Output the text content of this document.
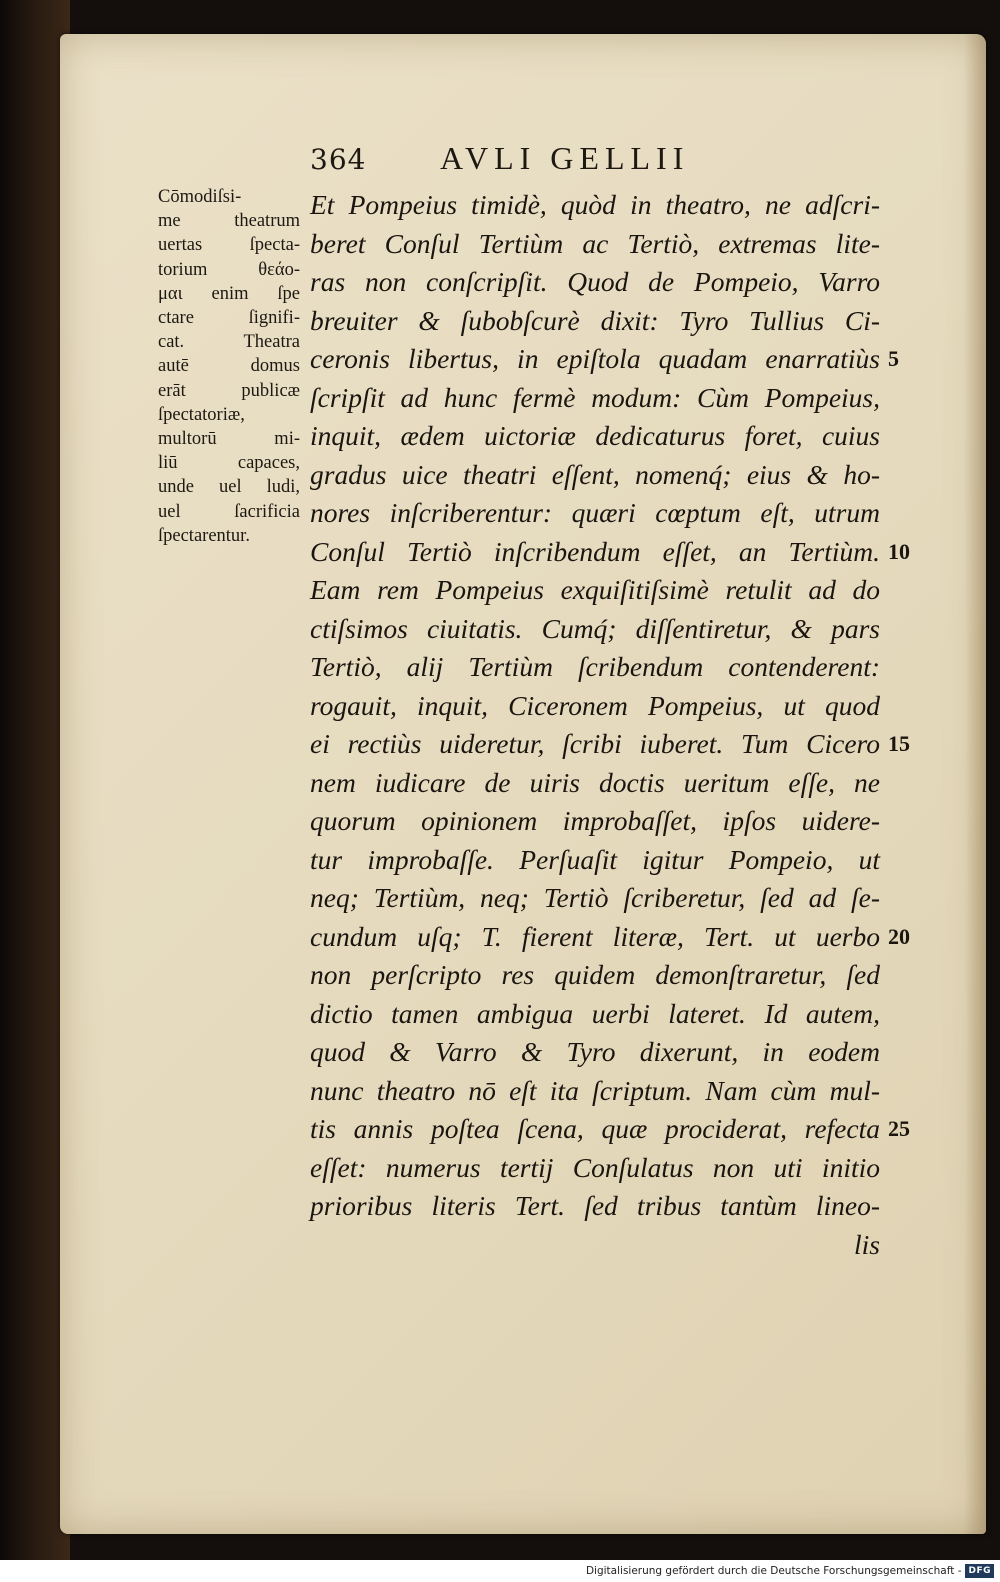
364	AVLI GELLII
Cōmodiſsi-
me theatrum
uertas ſpecta-
torium θεάο-
μαι enim ſpe
ctare ſignifi-
cat. Theatra
autē domus
erāt publicæ
ſpectatoriæ,
multorū mi-
liū capaces,
unde uel ludi,
uel ſacrificia
ſpectarentur.
Et Pompeius timidè, quòd in theatro, ne adſcri-
beret Conſul Tertiùm ac Tertiò, extremas lite-
ras non conſcripſit. Quod de Pompeio, Varro
breuiter & ſubobſcurè dixit: Tyro Tullius Ci-
ceronis libertus, in epiſtola quadam enarratiùs
ſcripſit ad hunc fermè modum: Cùm Pompeius,
inquit, ædem uictoriæ dedicaturus foret, cuius
gradus uice theatri eſſent, nomenq́; eius & ho-
nores inſcriberentur: quæri cœptum eſt, utrum
Conſul Tertiò inſcribendum eſſet, an Tertiùm.
Eam rem Pompeius exquiſitiſsimè retulit ad do
ctiſsimos ciuitatis. Cumq́; diſſentiretur, & pars
Tertiò, alij Tertiùm ſcribendum contenderent:
rogauit, inquit, Ciceronem Pompeius, ut quod
ei rectiùs uideretur, ſcribi iuberet. Tum Cicero
nem iudicare de uiris doctis ueritum eſſe, ne
quorum opinionem improbaſſet, ipſos uidere-
tur improbaſſe. Perſuaſit igitur Pompeio, ut
neq; Tertiùm, neq; Tertiò ſcriberetur, ſed ad ſe-
cundum uſq; T. fierent literæ, Tert. ut uerbo
non perſcripto res quidem demonſtraretur, ſed
dictio tamen ambigua uerbi lateret. Id autem,
quod & Varro & Tyro dixerunt, in eodem
nunc theatro nō eſt ita ſcriptum. Nam cùm mul-
tis annis poſtea ſcena, quæ prociderat, refecta
eſſet: numerus tertij Conſulatus non uti initio
prioribus literis Tert. ſed tribus tantùm lineo-
lis
5
10
15
20
25
Digitalisierung gefördert durch die Deutsche Forschungsgemeinschaft - DFG
